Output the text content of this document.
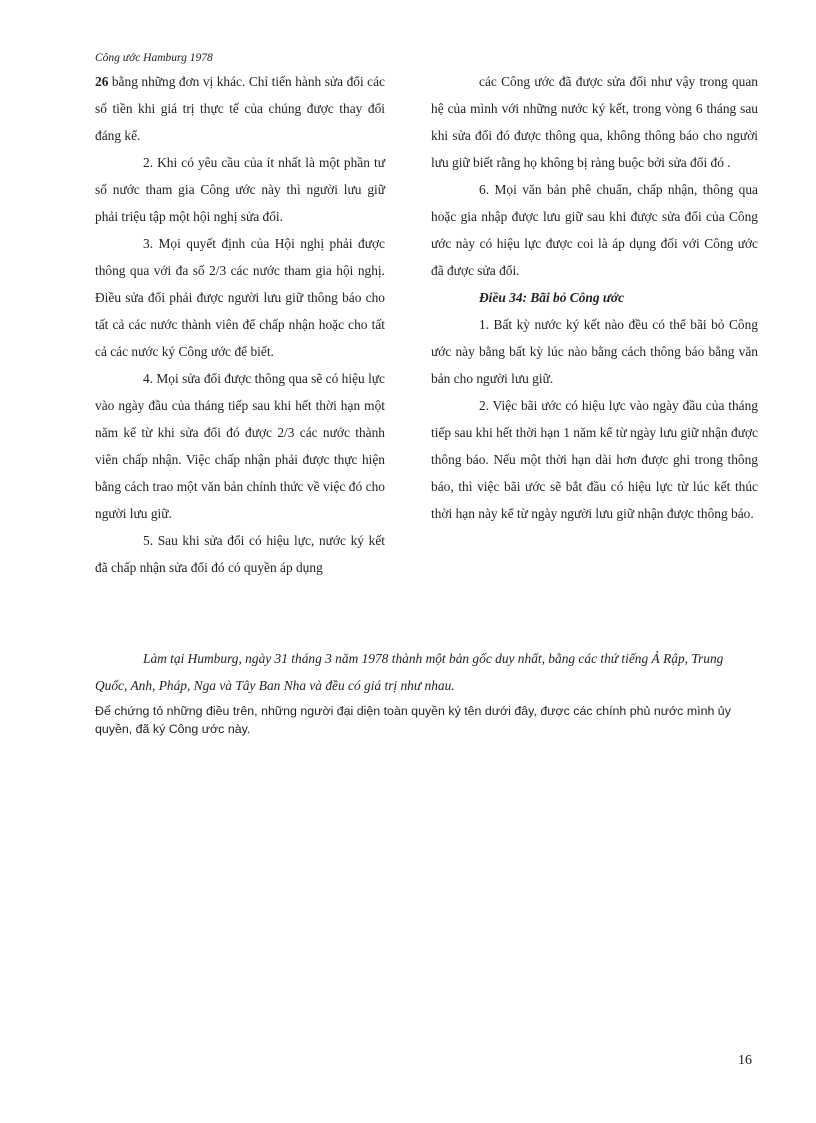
Công ước Hamburg 1978

26 bằng những đơn vị khác. Chỉ tiến hành sửa đổi các số tiền khi giá trị thực tế của chúng được thay đổi đáng kể.

2. Khi có yêu cầu của ít nhất là một phần tư số nước tham gia Công ước này thì người lưu giữ phải triệu tập một hội nghị sửa đổi.

3. Mọi quyết định của Hội nghị phải được thông qua với đa số 2/3 các nước tham gia hội nghị. Điều sửa đổi phải được người lưu giữ thông báo cho tất cả các nước thành viên để chấp nhận hoặc cho tất cả các nước ký Công ước để biết.

4. Mọi sửa đổi được thông qua sẽ có hiệu lực vào ngày đầu của tháng tiếp sau khi hết thời hạn một năm kể từ khi sửa đổi đó được 2/3 các nước thành viên chấp nhận. Việc chấp nhận phải được thực hiện bằng cách trao một văn bản chính thức về việc đó cho người lưu giữ.

5. Sau khi sửa đổi có hiệu lực, nước ký kết đã chấp nhận sửa đổi đó có quyền áp dụng

các Công ước đã được sửa đổi như vậy trong quan hệ của mình với những nước ký kết, trong vòng 6 tháng sau khi sửa đổi đó được thông qua, không thông báo cho người lưu giữ biết rằng họ không bị ràng buộc bởi sửa đổi đó .

6. Mọi văn bản phê chuẩn, chấp nhận, thông qua hoặc gia nhập được lưu giữ sau khi được sửa đổi của Công ước này có hiệu lực được coi là áp dụng đối với Công ước đã được sửa đổi.

Điều 34: Bãi bỏ Công ước

1. Bất kỳ nước ký kết nào đều có thể bãi bỏ Công ước này bằng bất kỳ lúc nào bằng cách thông báo bằng văn bản cho người lưu giữ.

2. Việc bãi ước có hiệu lực vào ngày đầu của tháng tiếp sau khi hết thời hạn 1 năm kể từ ngày lưu giữ nhận được thông báo. Nếu một thời hạn dài hơn được ghi trong thông báo, thì việc bãi ước sẽ bắt đầu có hiệu lực từ lúc kết thúc thời hạn này kể từ ngày người lưu giữ nhận được thông báo.

Làm tại Humburg, ngày 31 tháng 3 năm 1978 thành một bản gốc duy nhất, bằng các thứ tiếng Ả Rập, Trung Quốc, Anh, Pháp, Nga và Tây Ban Nha và đều có giá trị như nhau.

Để chứng tỏ những điều trên, những người đại diện toàn quyền ký tên dưới đây, được các chính phủ nước mình ủy quyền, đã ký Công ước này.

16
